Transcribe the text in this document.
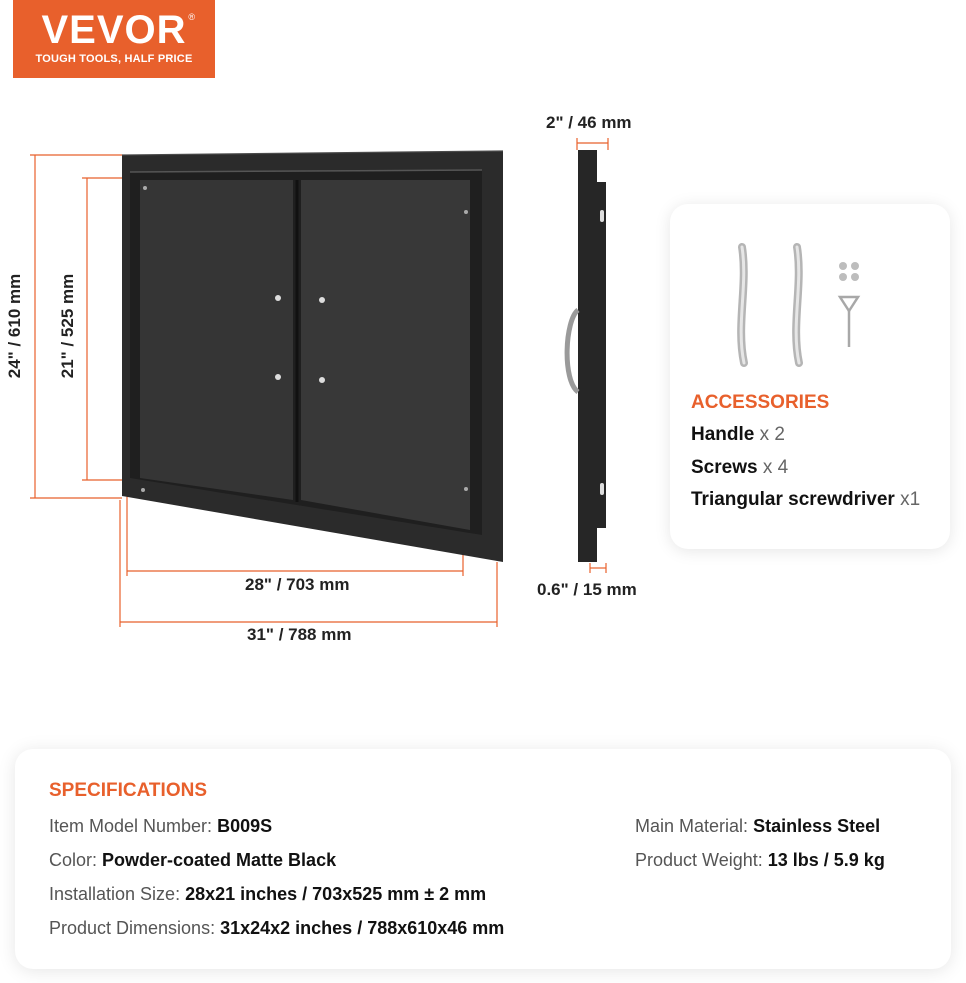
VEVOR ®
TOUGH TOOLS, HALF PRICE
24" / 610 mm 21" / 525 mm
28" / 703 mm
31" / 788 mm
2" / 46 mm
0.6" / 15 mm
ACCESSORIES
Handle x 2
Screws x 4
Triangular screwdriver x1
SPECIFICATIONS
Item Model Number: B009S
Color: Powder-coated Matte Black
Installation Size: 28x21 inches / 703x525 mm ± 2 mm
Product Dimensions: 31x24x2 inches / 788x610x46 mm
Main Material: Stainless Steel
Product Weight: 13 lbs / 5.9 kg
